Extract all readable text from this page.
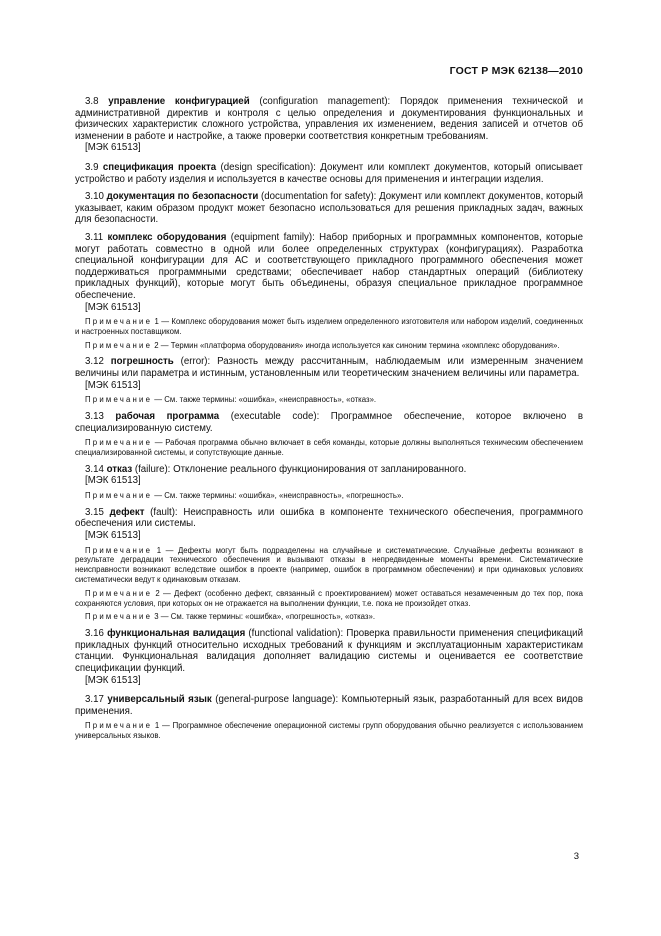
ГОСТ Р МЭК 62138—2010

3.8 управление конфигурацией (configuration management): Порядок применения технической и административной директив и контроля с целью определения и документирования функциональных и физических характеристик сложного устройства, управления их изменением, ведения записей и отчетов об изменении в работе и настройке, а также проверки соответствия конкретным требованиям.

[МЭК 61513]

3.9 спецификация проекта (design specification): Документ или комплект документов, который описывает устройство и работу изделия и используется в качестве основы для применения и интеграции изделия.

3.10 документация по безопасности (documentation for safety): Документ или комплект документов, который указывает, каким образом продукт может безопасно использоваться для решения прикладных задач, важных для безопасности.

3.11 комплекс оборудования (equipment family): Набор приборных и программных компонентов, которые могут работать совместно в одной или более определенных структурах (конфигурациях). Разработка специальной конфигурации для АС и соответствующего прикладного программного обеспечения может поддерживаться программными средствами; обеспечивает набор стандартных операций (библиотеку прикладных функций), которые могут быть объединены, образуя специальное прикладное программное обеспечение.

[МЭК 61513]

Примечание 1 — Комплекс оборудования может быть изделием определенного изготовителя или набором изделий, соединенных и настроенных поставщиком.

Примечание 2 — Термин «платформа оборудования» иногда используется как синоним термина «комплекс оборудования».

3.12 погрешность (error): Разность между рассчитанным, наблюдаемым или измеренным значением величины или параметра и истинным, установленным или теоретическим значением величины или параметра.

[МЭК 61513]

Примечание — См. также термины: «ошибка», «неисправность», «отказ».

3.13 рабочая программа (executable code): Программное обеспечение, которое включено в специализированную систему.

Примечание — Рабочая программа обычно включает в себя команды, которые должны выполняться техническим обеспечением специализированной системы, и сопутствующие данные.

3.14 отказ (failure): Отклонение реального функционирования от запланированного.

[МЭК 61513]

Примечание — См. также термины: «ошибка», «неисправность», «погрешность».

3.15 дефект (fault): Неисправность или ошибка в компоненте технического обеспечения, программного обеспечения или системы.

[МЭК 61513]

Примечание 1 — Дефекты могут быть подразделены на случайные и систематические. Случайные дефекты возникают в результате деградации технического обеспечения и вызывают отказы в непредвиденные моменты времени. Систематические неисправности возникают вследствие ошибок в проекте (например, ошибок в программном обеспечении) и при одинаковых условиях систематически ведут к одинаковым отказам.

Примечание 2 — Дефект (особенно дефект, связанный с проектированием) может оставаться незамеченным до тех пор, пока сохраняются условия, при которых он не отражается на выполнении функции, т.е. пока не произойдет отказ.

Примечание 3 — См. также термины: «ошибка», «погрешность», «отказ».

3.16 функциональная валидация (functional validation): Проверка правильности применения спецификаций прикладных функций относительно исходных требований к функциям и эксплуатационным характеристикам станции. Функциональная валидация дополняет валидацию системы и оценивается ее соответствие спецификации функций.

[МЭК 61513]

3.17 универсальный язык (general-purpose language): Компьютерный язык, разработанный для всех видов применения.

Примечание 1 — Программное обеспечение операционной системы групп оборудования обычно реализуется с использованием универсальных языков.

3
